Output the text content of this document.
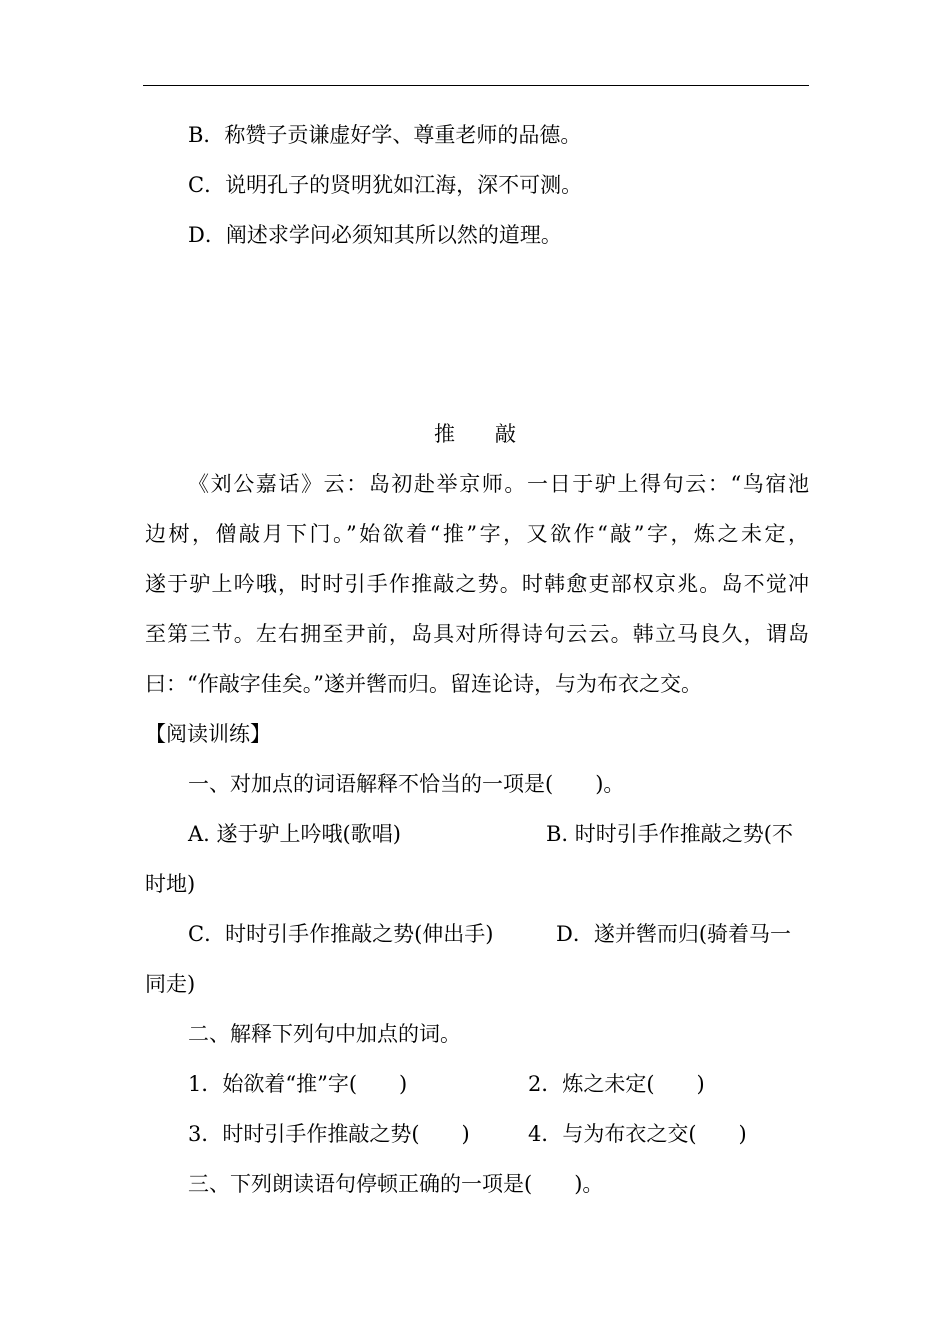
B．称赞子贡谦虚好学、尊重老师的品德。
C．说明孔子的贤明犹如江海，深不可测。
D．阐述求学问必须知其所以然的道理。
推 敲
《刘公嘉话》云：岛初赴举京师。一日于驴上得句云：“鸟宿池
边树，僧敲月下门。”始欲着“推”字，又欲作“敲”字，炼之未定，
遂于驴上吟哦，时时引手作推敲之势。时韩愈吏部权京兆。岛不觉冲
至第三节。左右拥至尹前，岛具对所得诗句云云。韩立马良久，谓岛
曰：“作敲字佳矣。”遂并辔而归。留连论诗，与为布衣之交。
【阅读训练】
一、对加点的词语解释不恰当的一项是(　　)。
A. 遂于驴上吟哦(歌唱)	B. 时时引手作推敲之势(不
时地)
C．时时引手作推敲之势(伸出手)	D．遂并辔而归(骑着马一
同走)
二、解释下列句中加点的词。
1．始欲着“推”字(　　)	2．炼之未定(　　)
3．时时引手作推敲之势(　　)	4．与为布衣之交(　　)
三、下列朗读语句停顿正确的一项是(　　)。
